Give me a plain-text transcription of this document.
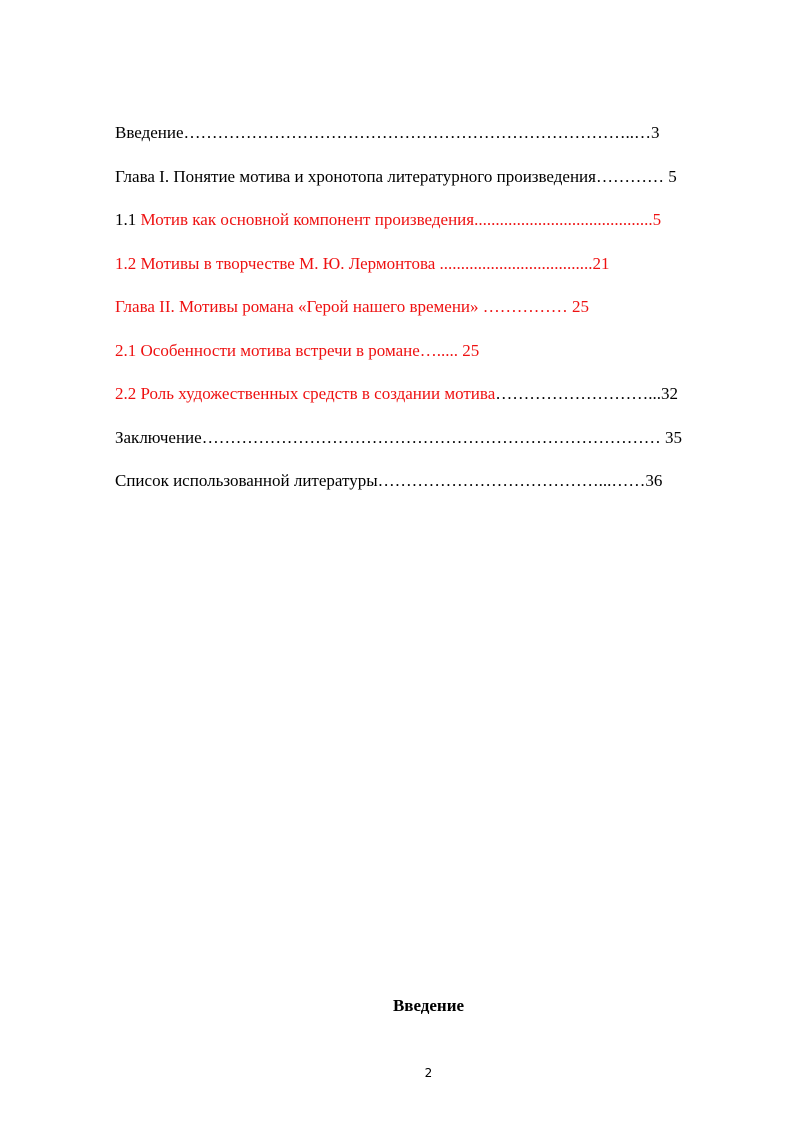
Введение……………………………………………………………………..…3
Глава I. Понятие мотива и хронотопа литературного произведения………… 5
1.1 Мотив как основной компонент произведения..........................................5
1.2 Мотивы в творчестве М. Ю. Лермонтова ....................................21
Глава II. Мотивы романа «Герой нашего времени» …………… 25
2.1 Особенности мотива встречи в романе…..... 25
2.2 Роль художественных средств в создании мотива………………………...32
Заключение……………………………………………………………………… 35
Список использованной литературы…………………………………...……36
Введение
2
